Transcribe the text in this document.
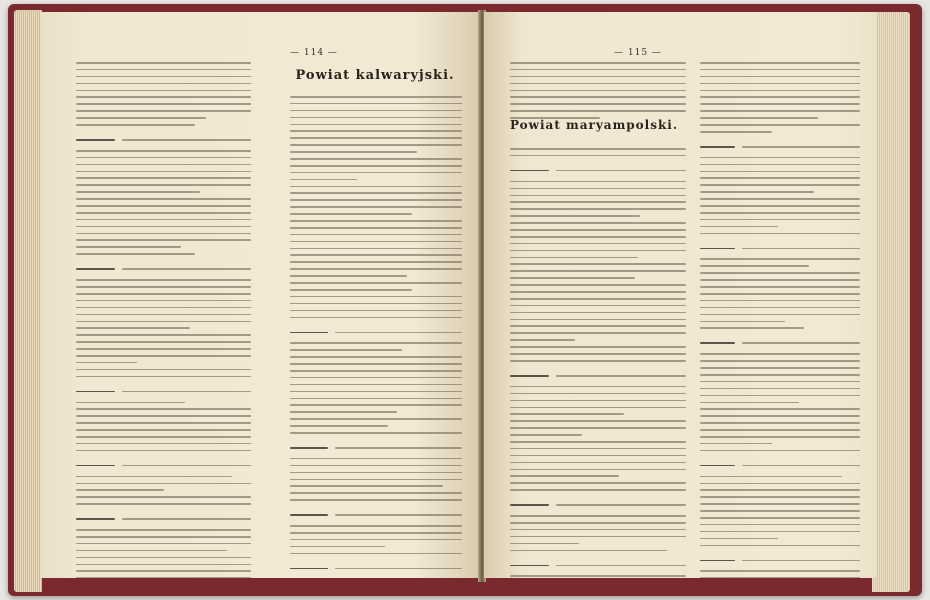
— 114 —
Powiat kalwaryjski.
— 115 —
Powiat maryampolski.
